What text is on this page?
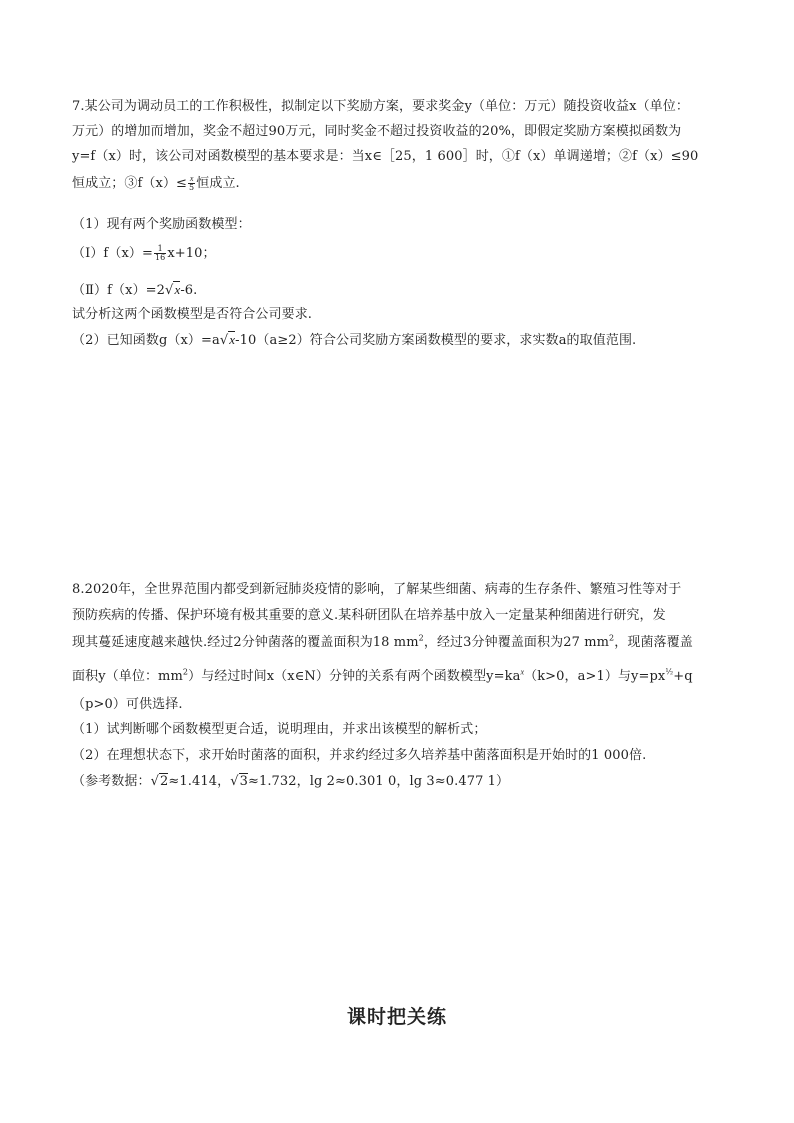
7.某公司为调动员工的工作积极性，拟制定以下奖励方案，要求奖金y（单位：万元）随投资收益x（单位：
万元）的增加而增加，奖金不超过90万元，同时奖金不超过投资收益的20%，即假定奖励方案模拟函数为
y=f（x）时，该公司对函数模型的基本要求是：当x∈［25，1 600］时，①f（x）单调递增；②f（x）≤90
恒成立；③f（x）≤ $\frac{x}{5}$ 恒成立.
（1）现有两个奖励函数模型：
（Ⅰ）f（x）= $\frac{1}{16} x+10$；
（Ⅱ）f（x）=2√x-6.
试分析这两个函数模型是否符合公司要求.
（2）已知函数g（x）=a√x-10（a≥2）符合公司奖励方案函数模型的要求，求实数a的取值范围.
8.2020年，全世界范围内都受到新冠肺炎疫情的影响，了解某些细菌、病毒的生存条件、繁殖习性等对于
预防疾病的传播、保护环境有极其重要的意义.某科研团队在培养基中放入一定量某种细菌进行研究，发
现其蔓延速度越来越快.经过2分钟菌落的覆盖面积为18 $mm^2$，经过3分钟覆盖面积为27 $mm^2$，现菌落覆盖
面积y（单位：$mm^2$）与经过时间x（x∈N）分钟的关系有两个函数模型$y=ka^x(k>0$，a>1）与$y=px^{\frac{1}{2}}+q$
（p>0）可供选择.
（1）试判断哪个函数模型更合适，说明理由，并求出该模型的解析式；
（2）在理想状态下，求开始时菌落的面积，并求约经过多久培养基中菌落面积是开始时的1 000倍.
（参考数据：√2≈1.414，√3≈1.732，lg 2≈0.301 0，lg 3≈0.477 1）
课时把关练
